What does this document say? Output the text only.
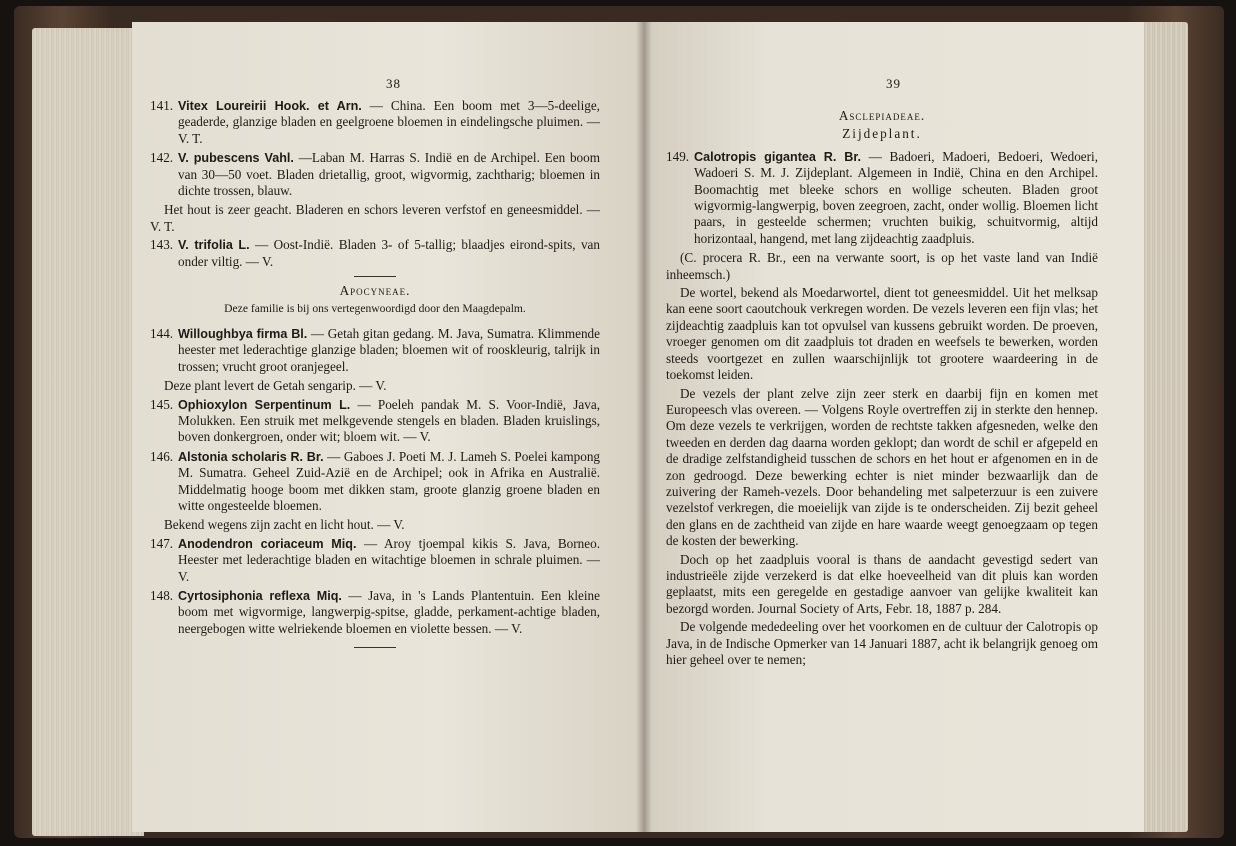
38
141. Vitex Loureirii Hook. et Arn. — China. Een boom met 3—5-deelige, geaderde, glanzige bladen en geelgroene bloemen in eindelingsche pluimen. — V. T.
142. V. pubescens Vahl. —Laban M. Harras S. Indië en de Archipel. Een boom van 30—50 voet. Bladen drietallig, groot, wigvormig, zachtharig; bloemen in dichte trossen, blauw.
Het hout is zeer geacht. Bladeren en schors leveren verfstof en geneesmiddel. — V. T.
143. V. trifolia L. — Oost-Indië. Bladen 3- of 5-tallig; blaadjes eirond-spits, van onder viltig. — V.
Apocyneae.
Deze familie is bij ons vertegenwoordigd door den Maagdepalm.
144. Willoughbya firma Bl. — Getah gitan gedang. M. Java, Sumatra. Klimmende heester met lederachtige glanzige bladen; bloemen wit of rooskleurig, talrijk in trossen; vrucht groot oranjegeel.
Deze plant levert de Getah sengarip. — V.
145. Ophioxylon Serpentinum L. — Poeleh pandak M. S. Voor-Indië, Java, Molukken. Een struik met melkgevende stengels en bladen. Bladen kruislings, boven donkergroen, onder wit; bloem wit. — V.
146. Alstonia scholaris R. Br. — Gaboes J. Poeti M. J. Lameh S. Poelei kampong M. Sumatra. Geheel Zuid-Azië en de Archipel; ook in Afrika en Australië. Middelmatig hooge boom met dikken stam, groote glanzig groene bladen en witte ongesteelde bloemen.
Bekend wegens zijn zacht en licht hout. — V.
147. Anodendron coriaceum Miq. — Aroy tjoempal kikis S. Java, Borneo. Heester met lederachtige bladen en witachtige bloemen in schrale pluimen. — V.
148. Cyrtosiphonia reflexa Miq. — Java, in 's Lands Plantentuin. Een kleine boom met wigvormige, langwerpig-spitse, gladde, perkament-achtige bladen, neergebogen witte welriekende bloemen en violette bessen. — V.
39
Asclepiadeae.
Zijdeplant.
149. Calotropis gigantea R. Br. — Badoeri, Madoeri, Bedoeri, Wedoeri, Wadoeri S. M. J. Zijdeplant. Algemeen in Indië, China en den Archipel. Boomachtig met bleeke schors en wollige scheuten. Bladen groot wigvormig-langwerpig, boven zeegroen, zacht, onder wollig. Bloemen licht paars, in gesteelde schermen; vruchten buikig, schuitvormig, altijd horizontaal, hangend, met lang zijdeachtig zaadpluis.
(C. procera R. Br., een na verwante soort, is op het vaste land van Indië inheemsch.)
De wortel, bekend als Moedarwortel, dient tot geneesmiddel. Uit het melksap kan eene soort caoutchouk verkregen worden. De vezels leveren een fijn vlas; het zijdeachtig zaadpluis kan tot opvulsel van kussens gebruikt worden. De proeven, vroeger genomen om dit zaadpluis tot draden en weefsels te bewerken, worden steeds voortgezet en zullen waarschijnlijk tot grootere waardeering in de toekomst leiden.
De vezels der plant zelve zijn zeer sterk en daarbij fijn en komen met Europeesch vlas overeen. — Volgens Royle overtreffen zij in sterkte den hennep. Om deze vezels te verkrijgen, worden de rechtste takken afgesneden, welke den tweeden en derden dag daarna worden geklopt; dan wordt de schil er afgepeld en de dradige zelfstandigheid tusschen de schors en het hout er afgenomen en in de zon gedroogd. Deze bewerking echter is niet minder bezwaarlijk dan de zuivering der Rameh-vezels. Door behandeling met salpeterzuur is een zuivere vezelstof verkregen, die moeielijk van zijde is te onderscheiden. Zij bezit geheel den glans en de zachtheid van zijde en hare waarde weegt genoegzaam op tegen de kosten der bewerking.
Doch op het zaadpluis vooral is thans de aandacht gevestigd sedert van industrieële zijde verzekerd is dat elke hoeveelheid van dit pluis kan worden geplaatst, mits een geregelde en gestadige aanvoer van gelijke kwaliteit kan bezorgd worden. Journal Society of Arts, Febr. 18, 1887 p. 284.
De volgende mededeeling over het voorkomen en de cultuur der Calotropis op Java, in de Indische Opmerker van 14 Januari 1887, acht ik belangrijk genoeg om hier geheel over te nemen;
